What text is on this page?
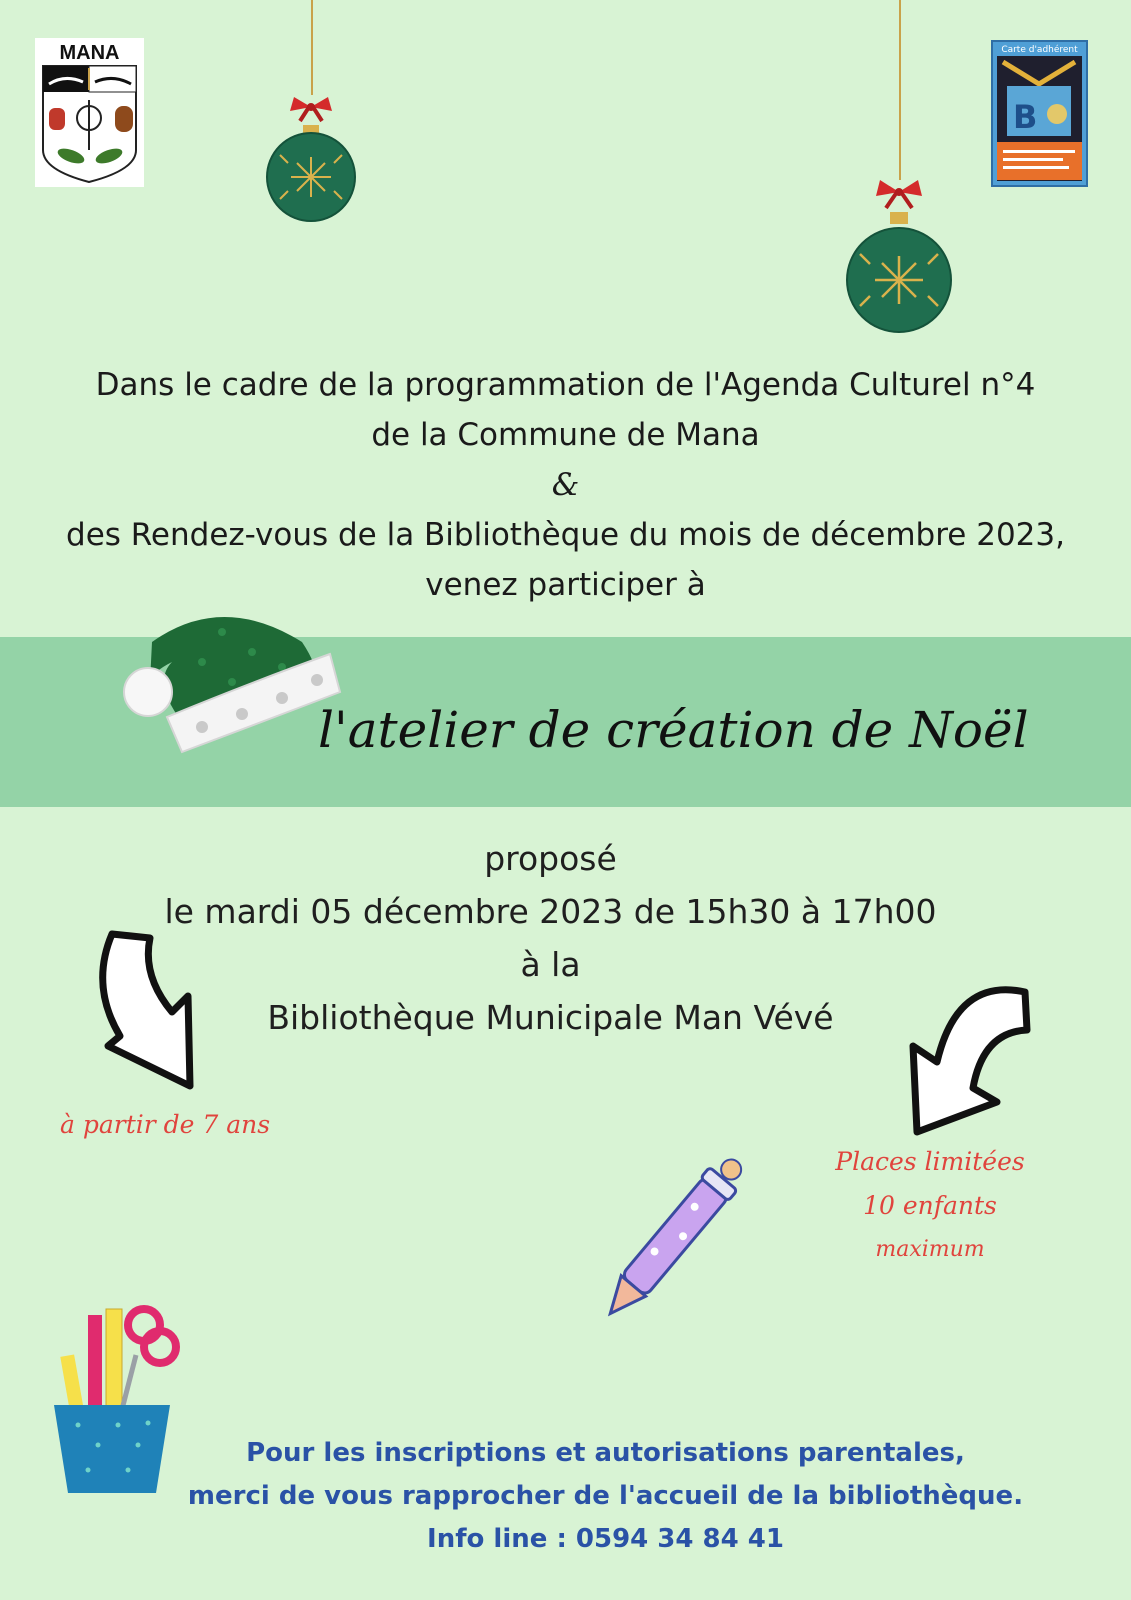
MANA	Carte d'adhérent
B
Dans le cadre de la programmation de l'Agenda Culturel n°4
de la Commune de Mana
&
des Rendez-vous de la Bibliothèque du mois de décembre 2023,
venez participer à
l'atelier de création de Noël
proposé
le mardi 05 décembre 2023 de 15h30 à 17h00
à la
Bibliothèque Municipale Man Vévé
à partir de 7 ans
Places limitées
10 enfants
maximum
Pour les inscriptions et autorisations parentales,
merci de vous rapprocher de l'accueil de la bibliothèque.
Info line : 0594 34 84 41
